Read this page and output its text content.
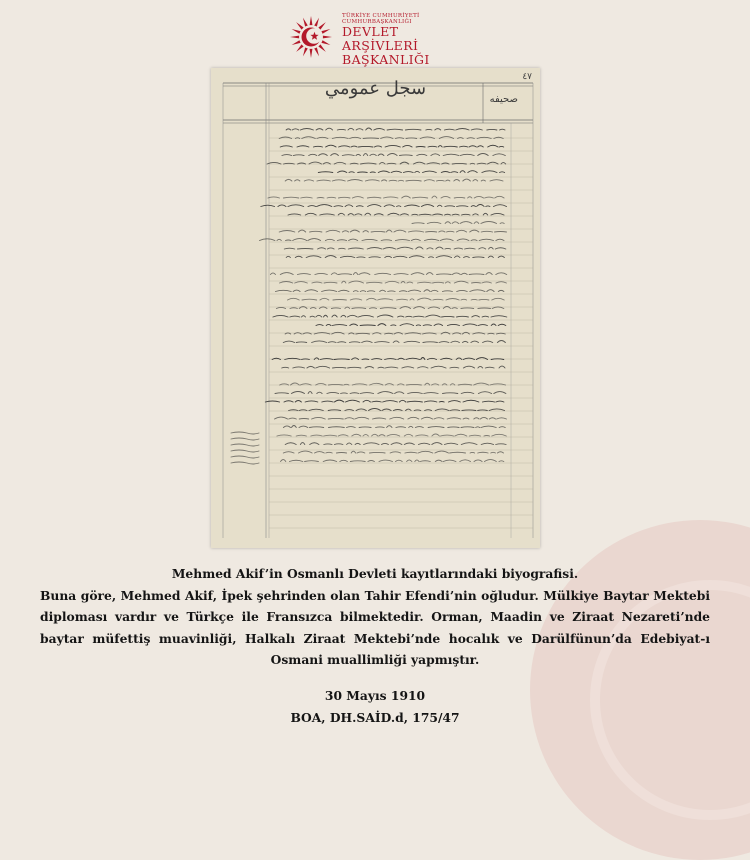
TÜRKİYE CUMHURİYETİ
CUMHURBAŞKANLIĞI
DEVLET ARŞİVLERİ
BAŞKANLIĞI
٤٧
سجل عمومي
صحيفه
Mehmed Akif’in Osmanlı Devleti kayıtlarındaki biyografisi.
Buna göre, Mehmed Akif, İpek şehrinden olan Tahir Efendi’nin oğludur. Mülkiye Baytar Mektebi diploması vardır ve Türkçe ile Fransızca bilmektedir. Orman, Maadin ve Ziraat Nezareti’nde baytar müfettiş muavinliği, Halkalı Ziraat Mektebi’nde hocalık ve Darülfünun’da Edebiyat-ı Osmani muallimliği yapmıştır.
30 Mayıs 1910
BOA, DH.SAİD.d, 175/47
